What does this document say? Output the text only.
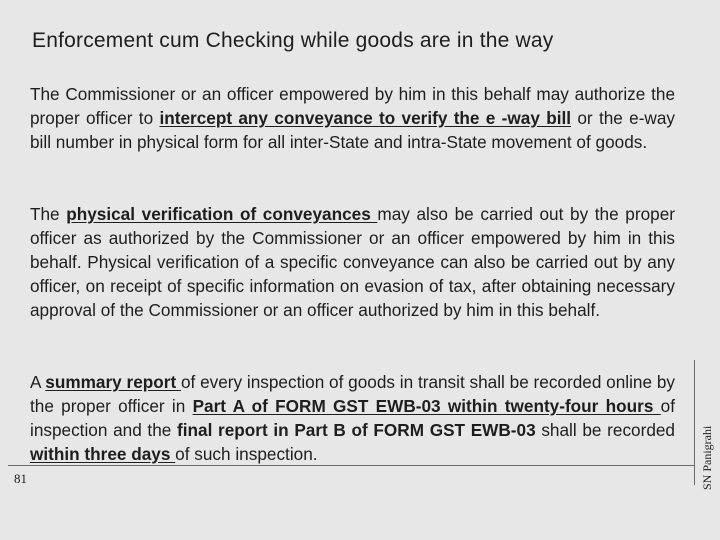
Enforcement cum Checking while goods are in the way
The Commissioner or an officer empowered by him in this behalf may authorize the proper officer to intercept any conveyance to verify the e -way bill or the e-way bill number in physical form for all inter-State and intra-State movement of goods.
The physical verification of conveyances may also be carried out by the proper officer as authorized by the Commissioner or an officer empowered by him in this behalf. Physical verification of a specific conveyance can also be carried out by any officer, on receipt of specific information on evasion of tax, after obtaining necessary approval of the Commissioner or an officer authorized by him in this behalf.
A summary report of every inspection of goods in transit shall be recorded online by the proper officer in Part A of FORM GST EWB-03 within twenty-four hours of inspection and the final report in Part B of FORM GST EWB-03 shall be recorded within three days of such inspection.
81	SN Panigrahi
